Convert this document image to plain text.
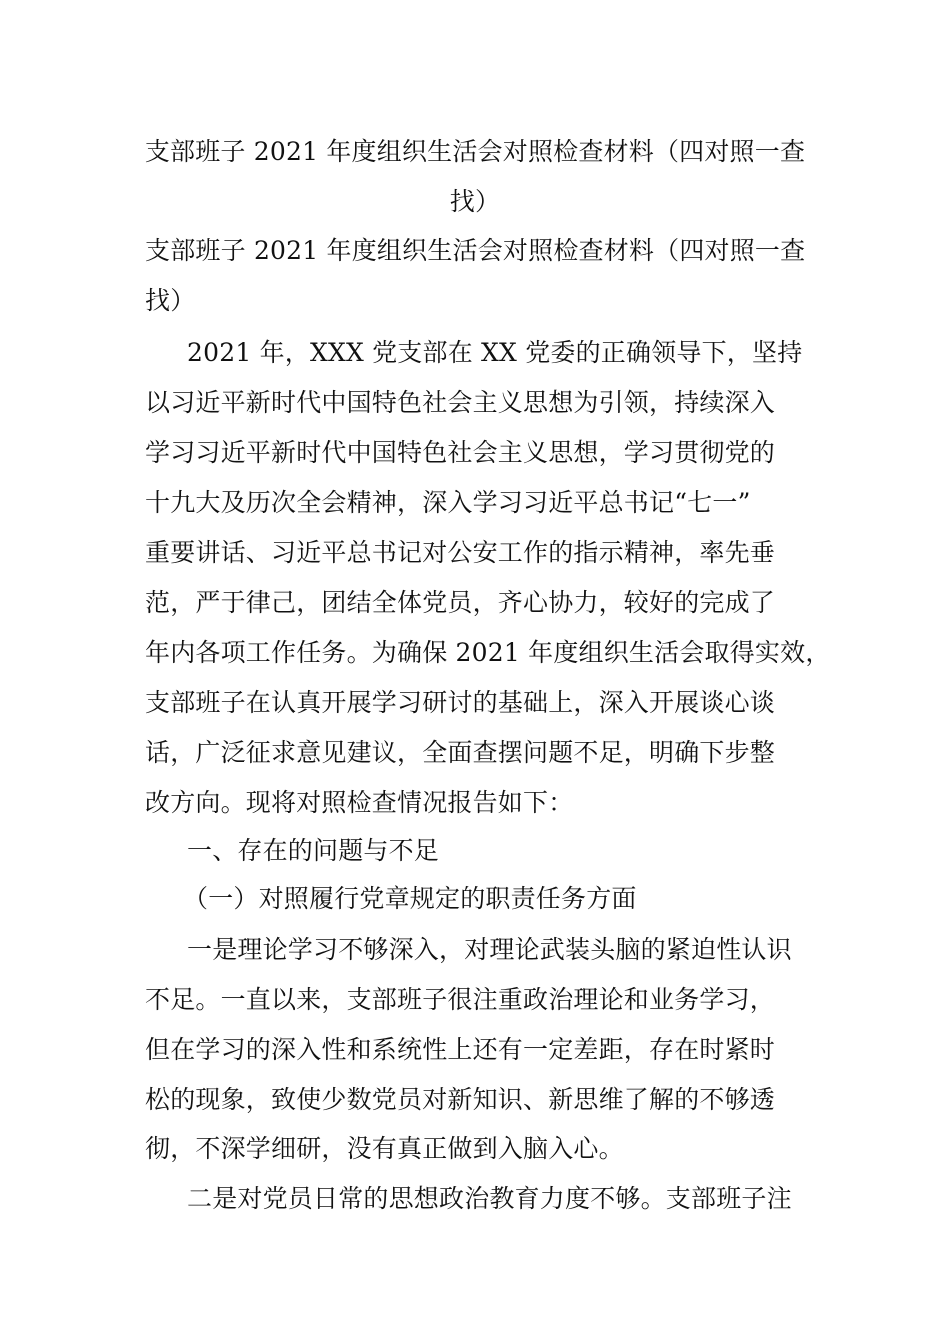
支部班子 2021 年度组织生活会对照检查材料（四对照一查
找）
支部班子 2021 年度组织生活会对照检查材料（四对照一查
找）
2021 年，XXX 党支部在 XX 党委的正确领导下，坚持
以习近平新时代中国特色社会主义思想为引领，持续深入
学习习近平新时代中国特色社会主义思想，学习贯彻党的
十九大及历次全会精神，深入学习习近平总书记“七一”
重要讲话、习近平总书记对公安工作的指示精神，率先垂
范，严于律己，团结全体党员，齐心协力，较好的完成了
年内各项工作任务。为确保 2021 年度组织生活会取得实效，
支部班子在认真开展学习研讨的基础上，深入开展谈心谈
话，广泛征求意见建议，全面查摆问题不足，明确下步整
改方向。现将对照检查情况报告如下：
一、存在的问题与不足
（一）对照履行党章规定的职责任务方面
一是理论学习不够深入，对理论武装头脑的紧迫性认识
不足。一直以来，支部班子很注重政治理论和业务学习，
但在学习的深入性和系统性上还有一定差距，存在时紧时
松的现象，致使少数党员对新知识、新思维了解的不够透
彻，不深学细研，没有真正做到入脑入心。
二是对党员日常的思想政治教育力度不够。支部班子注
